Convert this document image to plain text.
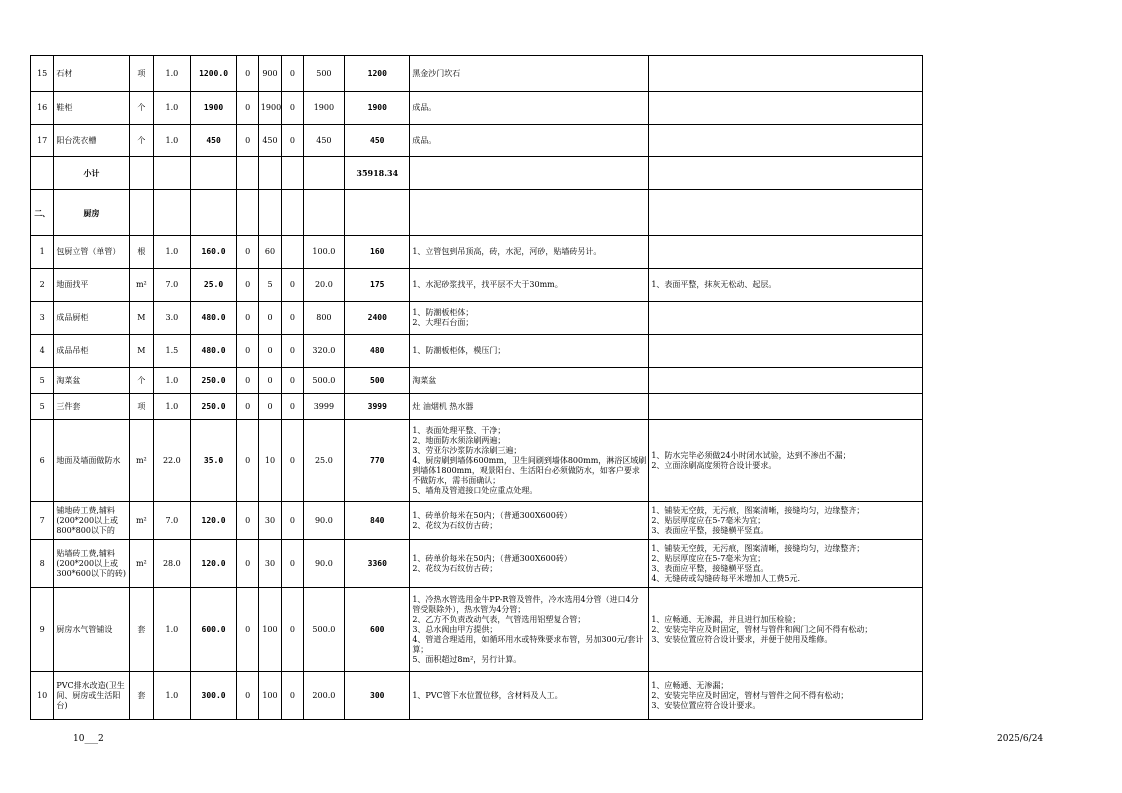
15	石材	项	1.0	1200.0	0	900	0	500	1200	黑金沙门坎石	

16	鞋柜	个	1.0	1900	0	1900	0	1900	1900	成品。	

17	阳台洗衣槽	个	1.0	450	0	450	0	450	450	成品。	

	小计								35918.34		
二、	厨房										
1	包厨立管（单管）	根	1.0	160.0	0	60		100.0	160	1、立管包到吊顶高，砖，水泥，河砂，贴墙砖另计。	

2	地面找平	m²	7.0	25.0	0	5	0	20.0	175	1、水泥砂浆找平，找平层不大于30mm。	1、表面平整，抹灰无松动、起层。

3	成品厨柜	M	3.0	480.0	0	0	0	800	2400	1、防潮板柜体；
2、大理石台面；	

4	成品吊柜	M	1.5	480.0	0	0	0	320.0	480	1、防潮板柜体，模压门；	

5	淘菜盆	个	1.0	250.0	0	0	0	500.0	500	淘菜盆	

5	三件套	项	1.0	250.0	0	0	0	3999	3999	灶 油烟机 热水器	

6	地面及墙面做防水	m²	22.0	35.0	0	10	0	25.0	770	1、表面处理平整、干净；
2、地面防水须涂刷两遍；
3、劳亚尔沙浆防水涂刷三遍；
4、厨房刷到墙体600mm，卫生间刷到墙体800mm，淋浴区域刷到墙体1800mm，观景阳台、生活阳台必须做防水，如客户要求不做防水，需书面确认；
5、墙角及管道接口处应重点处理。	1、防水完毕必须做24小时闭水试验，达到不渗出不漏；
2、立面涂刷高度须符合设计要求。

7	铺地砖工费,辅料(200*200以上或800*800以下的	m²	7.0	120.0	0	30	0	90.0	840	1、砖单价每米在50内；（普通300X600砖）
2、花纹为石纹仿古砖；	1、铺装无空鼓，无污痕，图案清晰，接缝均匀，边缘整齐；
2、贴层厚度应在5-7毫米为宜；
3、表面应平整，接缝横平竖直。

8	贴墙砖工费,辅料(200*200以上或300*600以下的砖)	m²	28.0	120.0	0	30	0	90.0	3360	1、砖单价每米在50内；（普通300X600砖）
2、花纹为石纹仿古砖；	1、铺装无空鼓，无污痕，图案清晰，接缝均匀，边缘整齐；
2、贴层厚度应在5-7毫米为宜；
3、表面应平整，接缝横平竖直。
4、无缝砖或勾缝砖每平米增加人工费5元.

9	厨房水气管铺设	套	1.0	600.0	0	100	0	500.0	600	1、冷热水管选用金牛PP-R管及管件，冷水选用4分管（进口4分管受限除外），热水管为4分管；
2、乙方不负责改动气表，气管选用铝塑复合管；
3、总水阀由甲方提供；
4、管道合理适用，如循环用水或特殊要求布管，另加300元/套计算；
5、面积超过8m²，另行计算。	1、应畅通、无渗漏，并且进行加压检验；
2、安装完毕应及时固定，管材与管件和阀门之间不得有松动；
3、安装位置应符合设计要求，并便于使用及维修。

10	PVC排水改造(卫生间、厨房或生活阳台)	套	1.0	300.0	0	100	0	200.0	300	1、PVC管下水位置位移，含材料及人工。	1、应畅通、无渗漏；
2、安装完毕应及时固定，管材与管件之间不得有松动；
3、安装位置应符合设计要求。
10___2	2025/6/24
